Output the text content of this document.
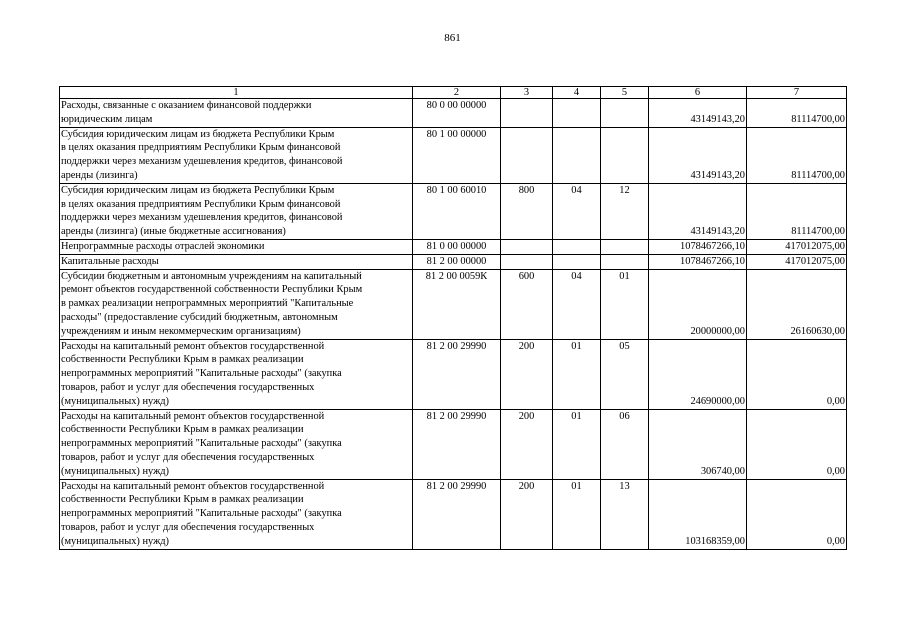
861
1	2	3	4	5	6	7
Расходы, связанные с оказанием финансовой поддержки
юридическим лицам	80 0 00 00000				43149143,20	81114700,00
Субсидия юридическим лицам из бюджета Республики Крым
в целях оказания предприятиям Республики Крым финансовой
поддержки через механизм удешевления кредитов, финансовой
аренды (лизинга)	80 1 00 00000				43149143,20	81114700,00
Субсидия юридическим лицам из бюджета Республики Крым
в целях оказания предприятиям Республики Крым финансовой
поддержки через механизм удешевления кредитов, финансовой
аренды (лизинга) (иные бюджетные ассигнования)	80 1 00 60010	800	04	12	43149143,20	81114700,00
Непрограммные расходы отраслей экономики	81 0 00 00000				1078467266,10	417012075,00
Капитальные расходы	81 2 00 00000				1078467266,10	417012075,00
Субсидии бюджетным и автономным учреждениям на капитальный
ремонт объектов государственной собственности Республики Крым
в рамках реализации непрограммных мероприятий "Капитальные
расходы" (предоставление субсидий бюджетным, автономным
учреждениям и иным некоммерческим организациям)	81 2 00 0059К	600	04	01	20000000,00	26160630,00
Расходы на капитальный ремонт объектов государственной
собственности Республики Крым в рамках реализации
непрограммных мероприятий "Капитальные расходы" (закупка
товаров, работ и услуг для обеспечения государственных
(муниципальных) нужд)	81 2 00 29990	200	01	05	24690000,00	0,00
Расходы на капитальный ремонт объектов государственной
собственности Республики Крым в рамках реализации
непрограммных мероприятий "Капитальные расходы" (закупка
товаров, работ и услуг для обеспечения государственных
(муниципальных) нужд)	81 2 00 29990	200	01	06	306740,00	0,00
Расходы на капитальный ремонт объектов государственной
собственности Республики Крым в рамках реализации
непрограммных мероприятий "Капитальные расходы" (закупка
товаров, работ и услуг для обеспечения государственных
(муниципальных) нужд)	81 2 00 29990	200	01	13	103168359,00	0,00
